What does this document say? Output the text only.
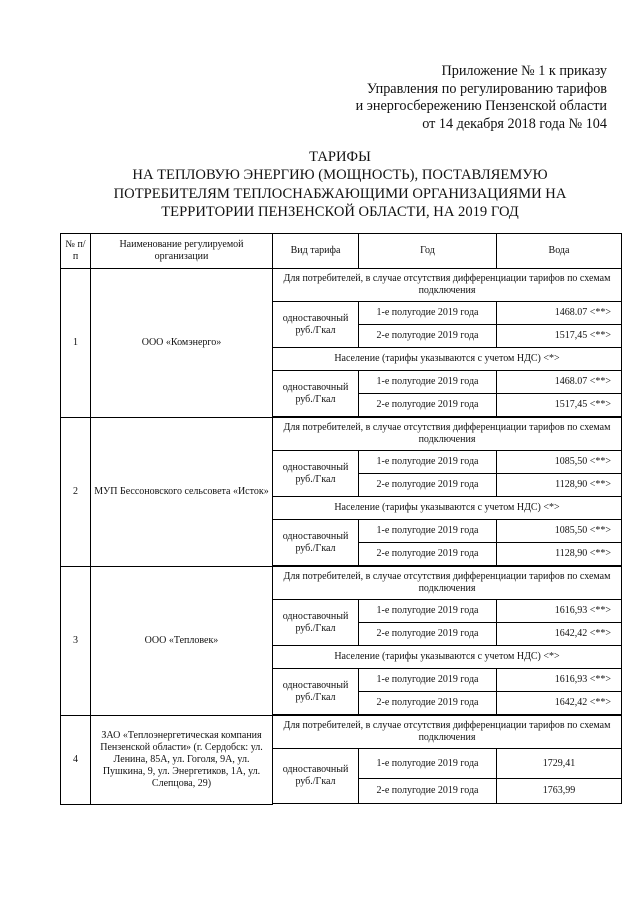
Приложение № 1 к приказу
Управления по регулированию тарифов
и энергосбережению Пензенской области
от 14 декабря 2018 года № 104
ТАРИФЫ
НА ТЕПЛОВУЮ ЭНЕРГИЮ (МОЩНОСТЬ), ПОСТАВЛЯЕМУЮ
ПОТРЕБИТЕЛЯМ ТЕПЛОСНАБЖАЮЩИМИ ОРГАНИЗАЦИЯМИ НА
ТЕРРИТОРИИ ПЕНЗЕНСКОЙ ОБЛАСТИ, НА 2019 ГОД
№ п/п	Наименование регулируемой организации	Вид тарифа	Год	Вода
1	ООО «Комэнерго»	Для потребителей, в случае отсутствия дифференциации тарифов по схемам подключения		
		одноставочный руб./Гкал	1-е полугодие 2019 года	1468.07 <**>
			2-е полугодие 2019 года	1517,45 <**>
		Население (тарифы указываются с учетом НДС) <*>		
		одноставочный руб./Гкал	1-е полугодие 2019 года	1468.07 <**>
			2-е полугодие 2019 года	1517,45 <**>

2	МУП Бессоновского сельсовета «Исток»	Для потребителей, в случае отсутствия дифференциации тарифов по схемам подключения		
		одноставочный руб./Гкал	1-е полугодие 2019 года	1085,50 <**>
			2-е полугодие 2019 года	1128,90 <**>
		Население (тарифы указываются с учетом НДС) <*>		
		одноставочный руб./Гкал	1-е полугодие 2019 года	1085,50 <**>
			2-е полугодие 2019 года	1128,90 <**>

3	ООО «Тепловек»	Для потребителей, в случае отсутствия дифференциации тарифов по схемам подключения		
		одноставочный руб./Гкал	1-е полугодие 2019 года	1616,93 <**>
			2-е полугодие 2019 года	1642,42 <**>
		Население (тарифы указываются с учетом НДС) <*>		
		одноставочный руб./Гкал	1-е полугодие 2019 года	1616,93 <**>
			2-е полугодие 2019 года	1642,42 <**>

4	ЗАО «Теплоэнергетическая компания Пензенской области» (г. Сердобск: ул. Ленина, 85А, ул. Гоголя, 9А, ул. Пушкина, 9, ул. Энергетиков, 1А, ул. Слепцова, 29)	Для потребителей, в случае отсутствия дифференциации тарифов по схемам подключения		
		одноставочный руб./Гкал	1-е полугодие 2019 года	1729,41
			2-е полугодие 2019 года	1763,99
